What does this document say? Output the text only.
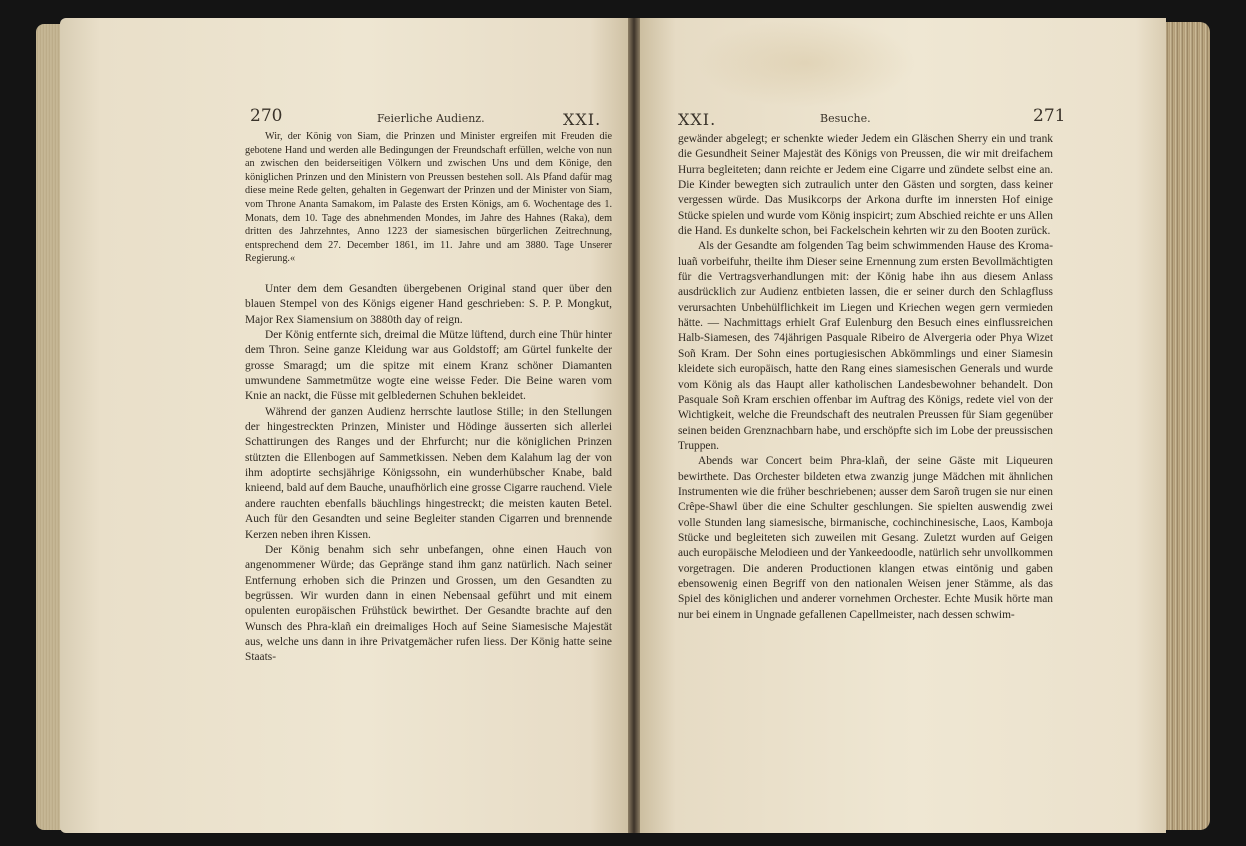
270	Feierliche Audienz.	XXI.

Wir, der König von Siam, die Prinzen und Minister ergreifen mit Freuden die gebotene Hand und werden alle Bedingungen der Freundschaft erfüllen, welche von nun an zwischen den beiderseitigen Völkern und zwischen Uns und dem Könige, den königlichen Prinzen und den Ministern von Preussen bestehen soll. Als Pfand dafür mag diese meine Rede gelten, gehalten in Gegenwart der Prinzen und der Minister von Siam, vom Throne Ananta Samakom, im Palaste des Ersten Königs, am 6. Wochentage des 1. Monats, dem 10. Tage des abnehmenden Mondes, im Jahre des Hahnes (Raka), dem dritten des Jahrzehntes, Anno 1223 der siamesischen bürgerlichen Zeitrechnung, entsprechend dem 27. December 1861, im 11. Jahre und am 3880. Tage Unserer Regierung.«

Unter dem dem Gesandten übergebenen Original stand quer über den blauen Stempel von des Königs eigener Hand geschrieben: S. P. P. Mongkut, Major Rex Siamensium on 3880th day of reign.

Der König entfernte sich, dreimal die Mütze lüftend, durch eine Thür hinter dem Thron. Seine ganze Kleidung war aus Goldstoff; am Gürtel funkelte der grosse Smaragd; um die spitze mit einem Kranz schöner Diamanten umwundene Sammetmütze wogte eine weisse Feder. Die Beine waren vom Knie an nackt, die Füsse mit gelbledernen Schuhen bekleidet.

Während der ganzen Audienz herrschte lautlose Stille; in den Stellungen der hingestreckten Prinzen, Minister und Hödinge äusserten sich allerlei Schattirungen des Ranges und der Ehrfurcht; nur die königlichen Prinzen stützten die Ellenbogen auf Sammetkissen. Neben dem Kalahum lag der von ihm adoptirte sechsjährige Königssohn, ein wunderhübscher Knabe, bald knieend, bald auf dem Bauche, unaufhörlich eine grosse Cigarre rauchend. Viele andere rauchten ebenfalls bäuchlings hingestreckt; die meisten kauten Betel. Auch für den Gesandten und seine Begleiter standen Cigarren und brennende Kerzen neben ihren Kissen.

Der König benahm sich sehr unbefangen, ohne einen Hauch von angenommener Würde; das Gepränge stand ihm ganz natürlich. Nach seiner Entfernung erhoben sich die Prinzen und Grossen, um den Gesandten zu begrüssen. Wir wurden dann in einen Nebensaal geführt und mit einem opulenten europäischen Frühstück bewirthet. Der Gesandte brachte auf den Wunsch des Phra-klañ ein dreimaliges Hoch auf Seine Siamesische Majestät aus, welche uns dann in ihre Privatgemächer rufen liess. Der König hatte seine Staats-

XXI.	Besuche.	271

gewänder abgelegt; er schenkte wieder Jedem ein Gläschen Sherry ein und trank die Gesundheit Seiner Majestät des Königs von Preussen, die wir mit dreifachem Hurra begleiteten; dann reichte er Jedem eine Cigarre und zündete selbst eine an. Die Kinder bewegten sich zutraulich unter den Gästen und sorgten, dass keiner vergessen würde. Das Musikcorps der Arkona durfte im innersten Hof einige Stücke spielen und wurde vom König inspicirt; zum Abschied reichte er uns Allen die Hand. Es dunkelte schon, bei Fackelschein kehrten wir zu den Booten zurück.

Als der Gesandte am folgenden Tag beim schwimmenden Hause des Kroma-luañ vorbeifuhr, theilte ihm Dieser seine Ernennung zum ersten Bevollmächtigten für die Vertragsverhandlungen mit: der König habe ihn aus diesem Anlass ausdrücklich zur Audienz entbieten lassen, die er seiner durch den Schlagfluss verursachten Unbehülflichkeit im Liegen und Kriechen wegen gern vermieden hätte. — Nachmittags erhielt Graf Eulenburg den Besuch eines einflussreichen Halb-Siamesen, des 74jährigen Pasquale Ribeiro de Alvergeria oder Phya Wizet Soñ Kram. Der Sohn eines portugiesischen Abkömmlings und einer Siamesin kleidete sich europäisch, hatte den Rang eines siamesischen Generals und wurde vom König als das Haupt aller katholischen Landesbewohner behandelt. Don Pasquale Soñ Kram erschien offenbar im Auftrag des Königs, redete viel von der Wichtigkeit, welche die Freundschaft des neutralen Preussen für Siam gegenüber seinen beiden Grenznachbarn habe, und erschöpfte sich im Lobe der preussischen Truppen.

Abends war Concert beim Phra-klañ, der seine Gäste mit Liqueuren bewirthete. Das Orchester bildeten etwa zwanzig junge Mädchen mit ähnlichen Instrumenten wie die früher beschriebenen; ausser dem Saroñ trugen sie nur einen Crêpe-Shawl über die eine Schulter geschlungen. Sie spielten auswendig zwei volle Stunden lang siamesische, birmanische, cochinchinesische, Laos, Kamboja Stücke und begleiteten sich zuweilen mit Gesang. Zuletzt wurden auf Geigen auch europäische Melodieen und der Yankeedoodle, natürlich sehr unvollkommen vorgetragen. Die anderen Productionen klangen etwas eintönig und gaben ebensowenig einen Begriff von den nationalen Weisen jener Stämme, als das Spiel des königlichen und anderer vornehmen Orchester. Echte Musik hörte man nur bei einem in Ungnade gefallenen Capellmeister, nach dessen schwim-
